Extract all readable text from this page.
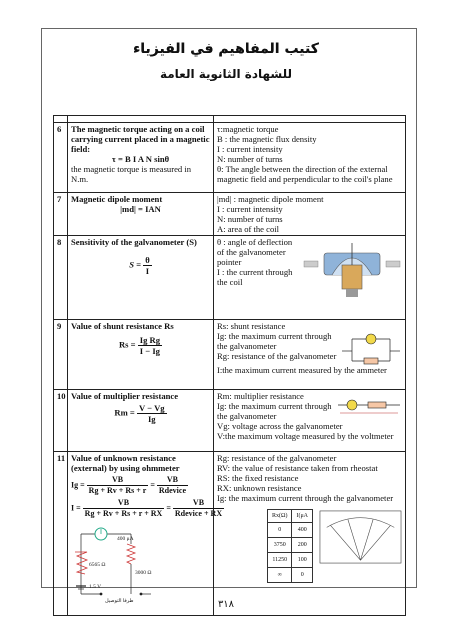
كتيب المفاهيم في الفيزياء
للشهادة الثانوية العامة

6	The magnetic torque acting on a coil carrying current placed in a magnetic field:
τ = B I A N sinθ
the magnetic torque is measured in N.m.

τ:magnetic torque
B : the magnetic flux density
I : current intensity
N: number of turns
θ: The angle between the direction of the external magnetic field and perpendicular to the coil's plane

7	Magnetic dipole moment
|md| = IAN

|md| : magnetic dipole moment
I : current intensity
N: number of turns
A: area of the coil

8	Sensitivity of the galvanometer (S)
$S = \frac{\theta}{I}$

θ : angle of deflection of the galvanometer pointer
I : the current through the coil

9	Value of shunt resistance Rs
$Rs = \frac{\text{Ig Rg}}{I - Ig}$

Rs: shunt resistance
Ig: the maximum current through the galvanometer
Rg: resistance of the galvanometer
I:the maximum current measured by the ammeter

10	Value of multiplier resistance
$Rm = \frac{V - Vg}{Ig}$

Rm: multiplier resistance
Ig: the maximum current through the galvanometer
Vg: voltage across the galvanometer
V:the maximum voltage measured by the voltmeter

11	Value of unknown resistance (external) by using ohmmeter
$Ig = \frac{VB}{Rg + Rv + Rs + r} = \frac{VB}{\text{Rdevice}}$
$I = \frac{VB}{Rg + Rv + Rs + r + RX} = \frac{VB}{\text{Rdevice + RX}}$
400 μA
6565 Ω
3000 Ω
1.5 V
طرفا التوصيل

Rg: resistance of the galvanometer
RV: the value of resistance taken from rheostat
RS: the fixed resistance
RX: unknown resistance
Ig: the maximum current through the galvanometer
Rx(Ω)	I(μA
0	400
3750	200
11250	100
∞	0
٣١٨
